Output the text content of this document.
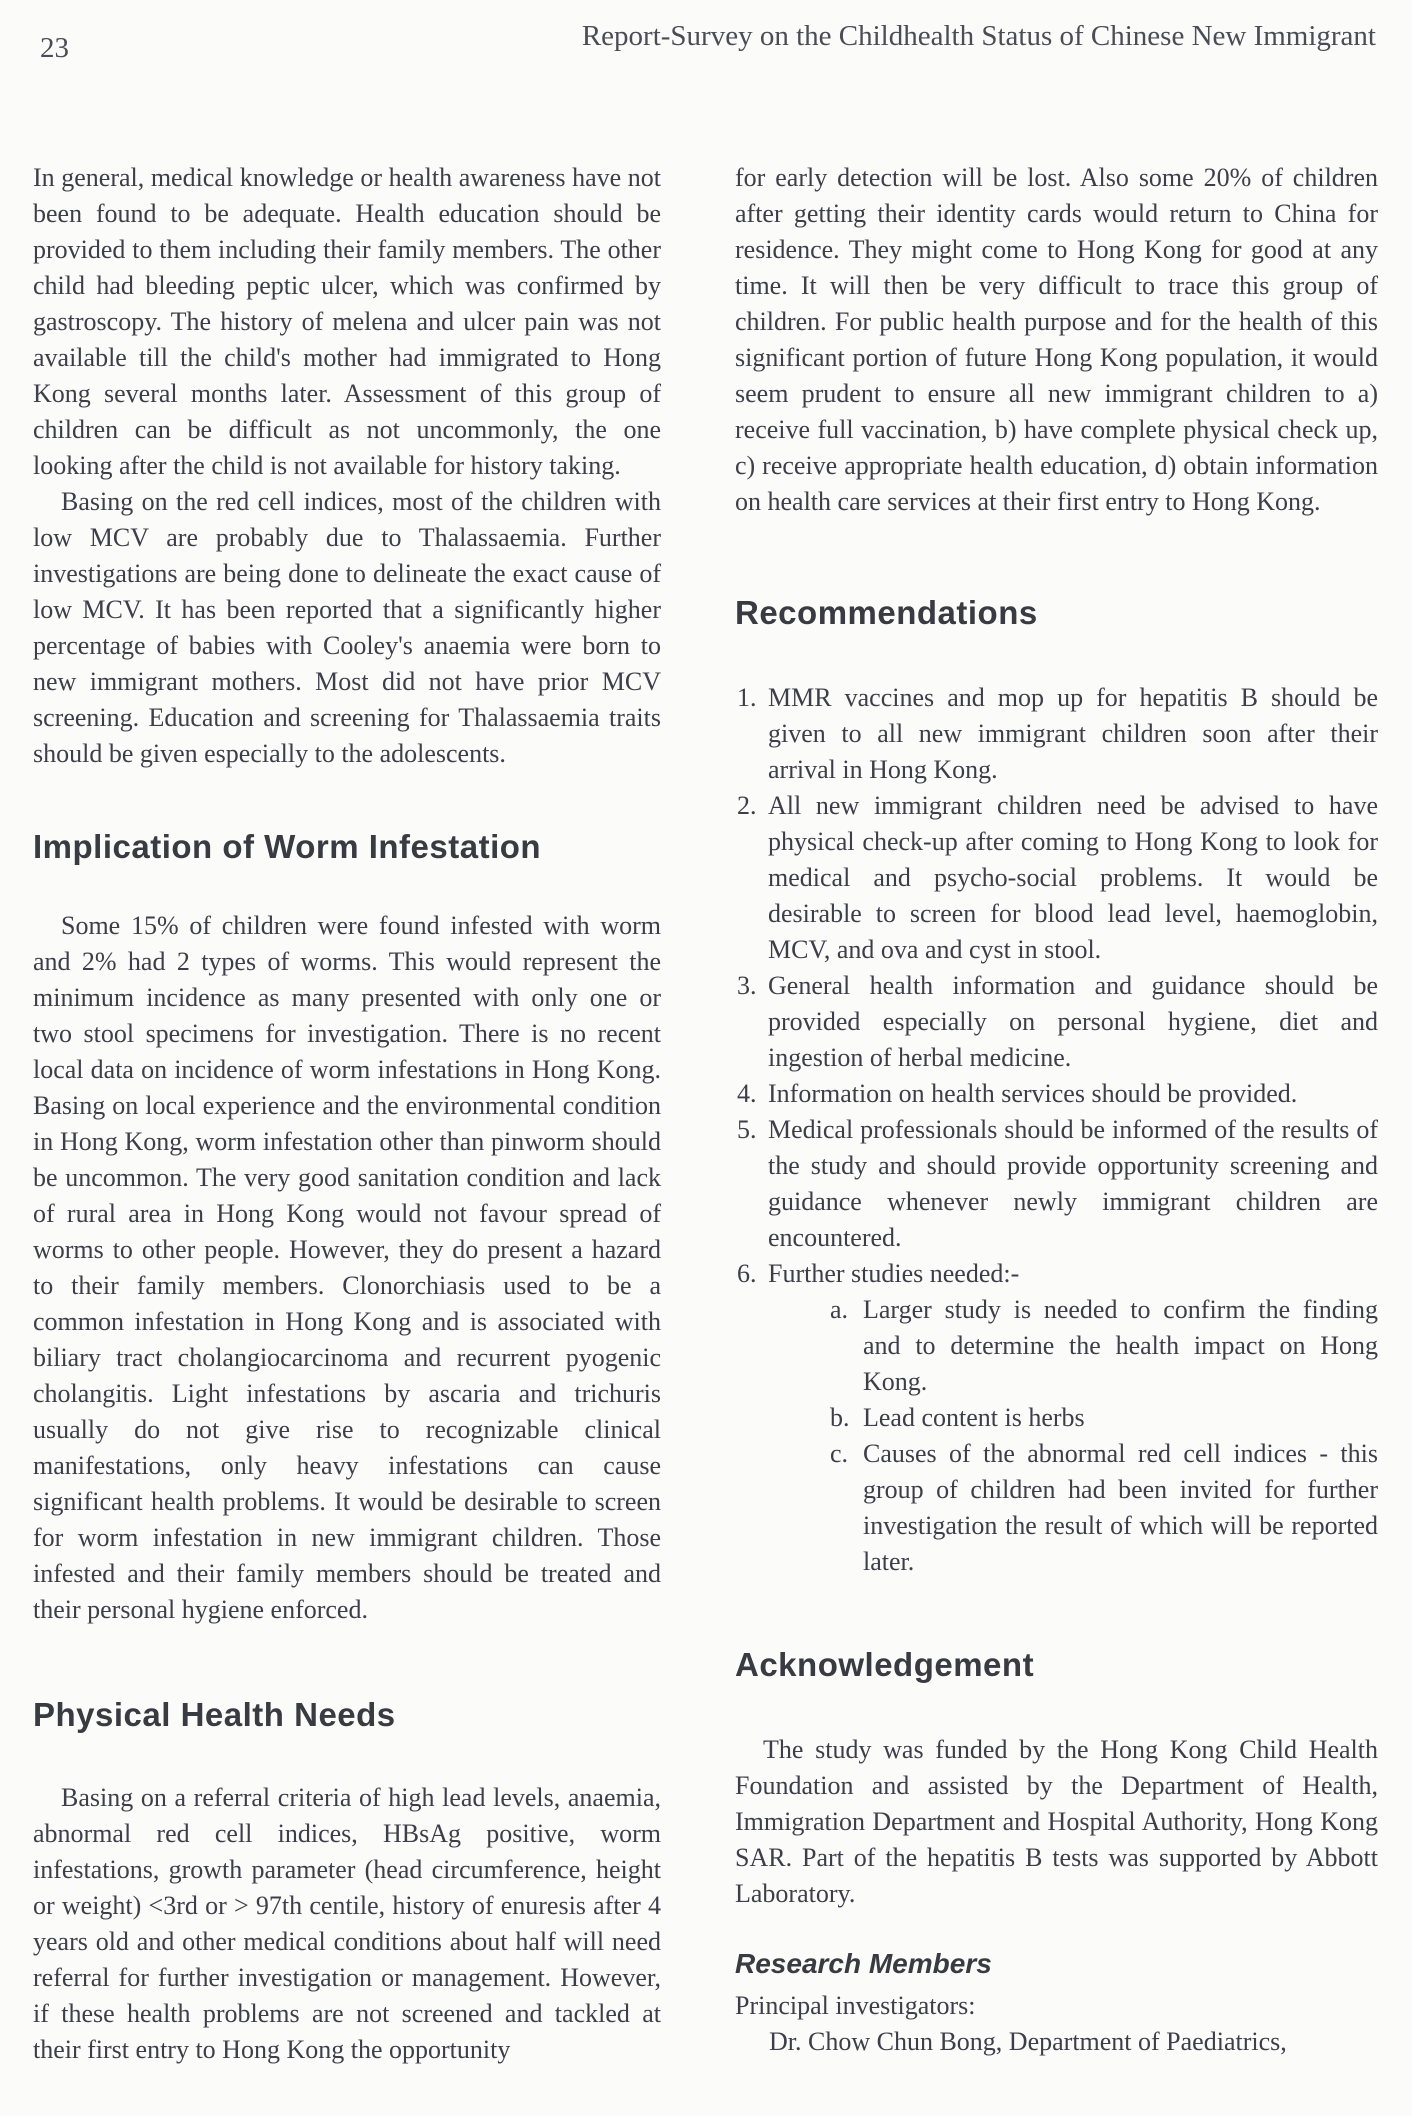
23	Report-Survey on the Childhealth Status of Chinese New Immigrant

In general, medical knowledge or health awareness have not been found to be adequate. Health education should be provided to them including their family members. The other child had bleeding peptic ulcer, which was confirmed by gastroscopy. The history of melena and ulcer pain was not available till the child's mother had immigrated to Hong Kong several months later. Assessment of this group of children can be difficult as not uncommonly, the one looking after the child is not available for history taking.

Basing on the red cell indices, most of the children with low MCV are probably due to Thalassaemia. Further investigations are being done to delineate the exact cause of low MCV. It has been reported that a significantly higher percentage of babies with Cooley's anaemia were born to new immigrant mothers. Most did not have prior MCV screening. Education and screening for Thalassaemia traits should be given especially to the adolescents.

Implication of Worm Infestation

Some 15% of children were found infested with worm and 2% had 2 types of worms. This would represent the minimum incidence as many presented with only one or two stool specimens for investigation. There is no recent local data on incidence of worm infestations in Hong Kong. Basing on local experience and the environmental condition in Hong Kong, worm infestation other than pinworm should be uncommon. The very good sanitation condition and lack of rural area in Hong Kong would not favour spread of worms to other people. However, they do present a hazard to their family members. Clonorchiasis used to be a common infestation in Hong Kong and is associated with biliary tract cholangiocarcinoma and recurrent pyogenic cholangitis. Light infestations by ascaria and trichuris usually do not give rise to recognizable clinical manifestations, only heavy infestations can cause significant health problems. It would be desirable to screen for worm infestation in new immigrant children. Those infested and their family members should be treated and their personal hygiene enforced.

Physical Health Needs

Basing on a referral criteria of high lead levels, anaemia, abnormal red cell indices, HBsAg positive, worm infestations, growth parameter (head circumference, height or weight) <3rd or > 97th centile, history of enuresis after 4 years old and other medical conditions about half will need referral for further investigation or management. However, if these health problems are not screened and tackled at their first entry to Hong Kong the opportunity

for early detection will be lost. Also some 20% of children after getting their identity cards would return to China for residence. They might come to Hong Kong for good at any time. It will then be very difficult to trace this group of children. For public health purpose and for the health of this significant portion of future Hong Kong population, it would seem prudent to ensure all new immigrant children to a) receive full vaccination, b) have complete physical check up, c) receive appropriate health education, d) obtain information on health care services at their first entry to Hong Kong.

Recommendations
1. MMR vaccines and mop up for hepatitis B should be given to all new immigrant children soon after their arrival in Hong Kong.
2. All new immigrant children need be advised to have physical check-up after coming to Hong Kong to look for medical and psycho-social problems. It would be desirable to screen for blood lead level, haemoglobin, MCV, and ova and cyst in stool.
3. General health information and guidance should be provided especially on personal hygiene, diet and ingestion of herbal medicine.
4. Information on health services should be provided.
5. Medical professionals should be informed of the results of the study and should provide opportunity screening and guidance whenever newly immigrant children are encountered.
6. Further studies needed:-
a. Larger study is needed to confirm the finding and to determine the health impact on Hong Kong.
b. Lead content is herbs
c. Causes of the abnormal red cell indices - this group of children had been invited for further investigation the result of which will be reported later.
Acknowledgement

The study was funded by the Hong Kong Child Health Foundation and assisted by the Department of Health, Immigration Department and Hospital Authority, Hong Kong SAR. Part of the hepatitis B tests was supported by Abbott Laboratory.

Research Members

Principal investigators:

Dr. Chow Chun Bong, Department of Paediatrics,
